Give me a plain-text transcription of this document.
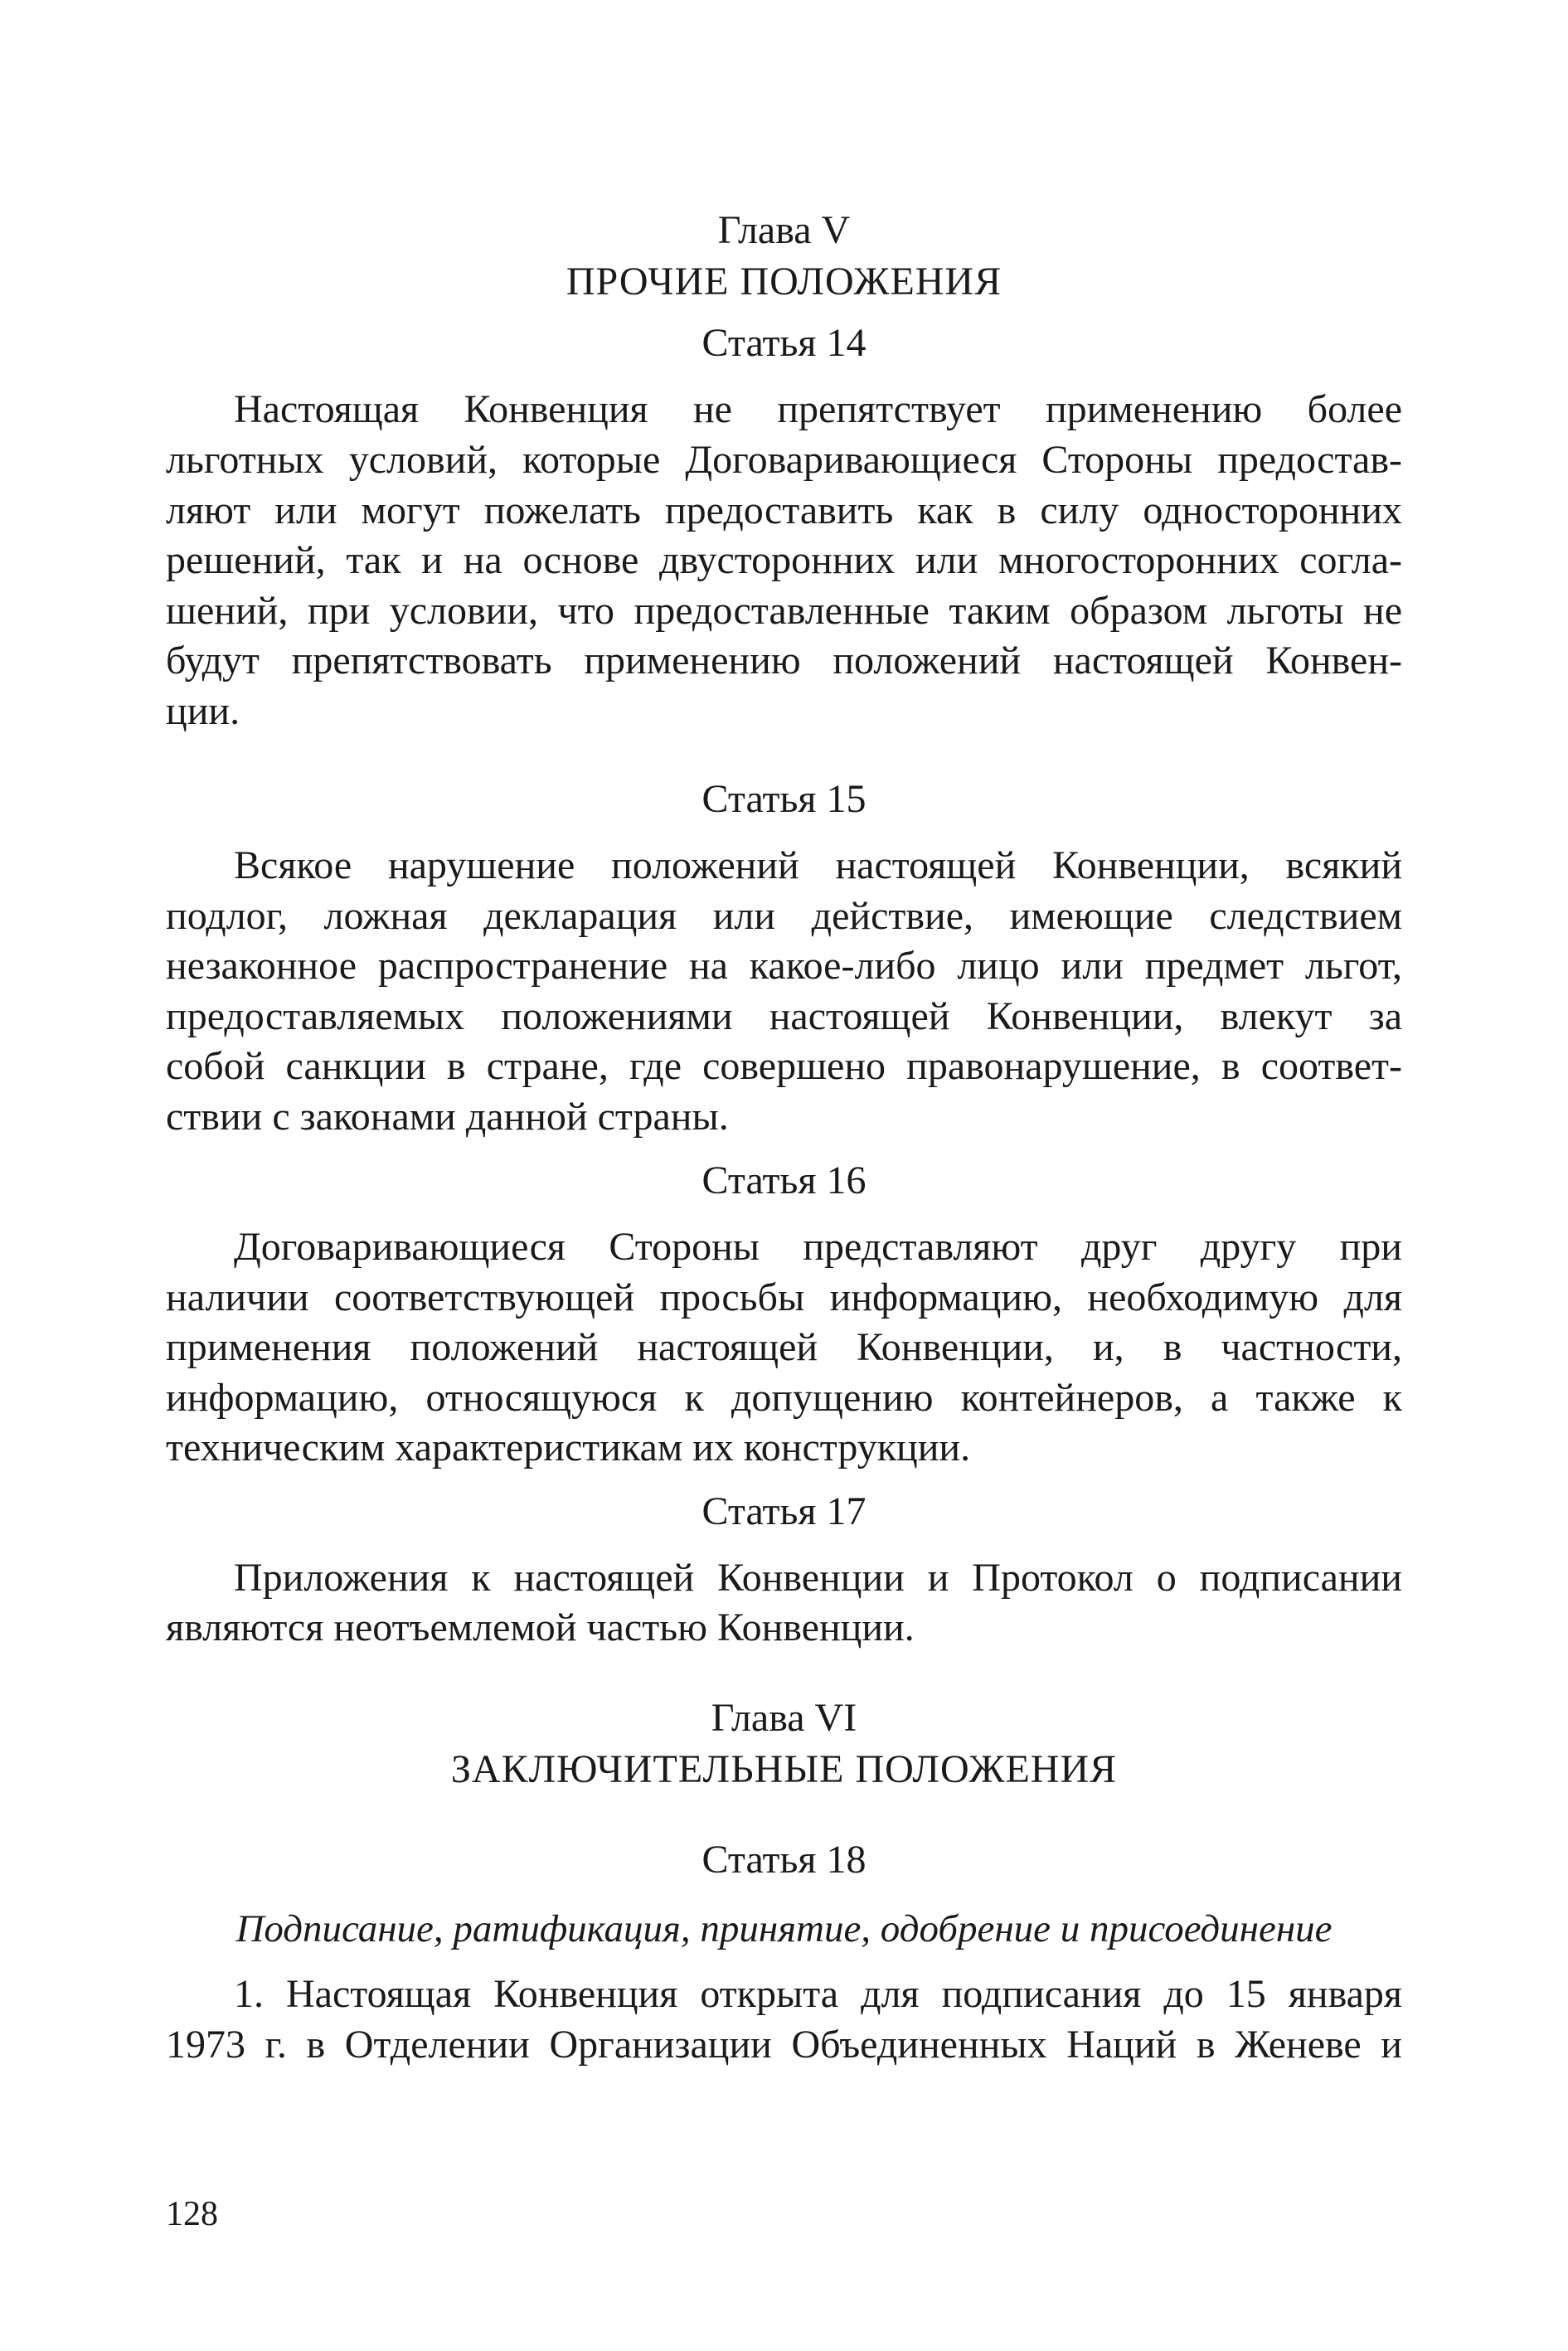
Глава V

ПРОЧИЕ ПОЛОЖЕНИЯ

Статья 14

Настоящая Конвенция не препятствует применению более

льготных условий, которые Договаривающиеся Стороны предостав-

ляют или могут пожелать предоставить как в силу односторонних

решений, так и на основе двусторонних или многосторонних согла-

шений, при условии, что предоставленные таким образом льготы не

будут препятствовать применению положений настоящей Конвен-

ции.

Статья 15

Всякое нарушение положений настоящей Конвенции, всякий

подлог, ложная декларация или действие, имеющие следствием

незаконное распространение на какое-либо лицо или предмет льгот,

предоставляемых положениями настоящей Конвенции, влекут за

собой санкции в стране, где совершено правонарушение, в соответ-

ствии с законами данной страны.

Статья 16

Договаривающиеся Стороны представляют друг другу при

наличии соответствующей просьбы информацию, необходимую для

применения положений настоящей Конвенции, и, в частности,

информацию, относящуюся к допущению контейнеров, а также к

техническим характеристикам их конструкции.

Статья 17

Приложения к настоящей Конвенции и Протокол о подписании

являются неотъемлемой частью Конвенции.

Глава VI

ЗАКЛЮЧИТЕЛЬНЫЕ ПОЛОЖЕНИЯ

Статья 18

Подписание, ратификация, принятие, одобрение и присоединение

1. Настоящая Конвенция открыта для подписания до 15 января

1973 г. в Отделении Организации Объединенных Наций в Женеве и

128
